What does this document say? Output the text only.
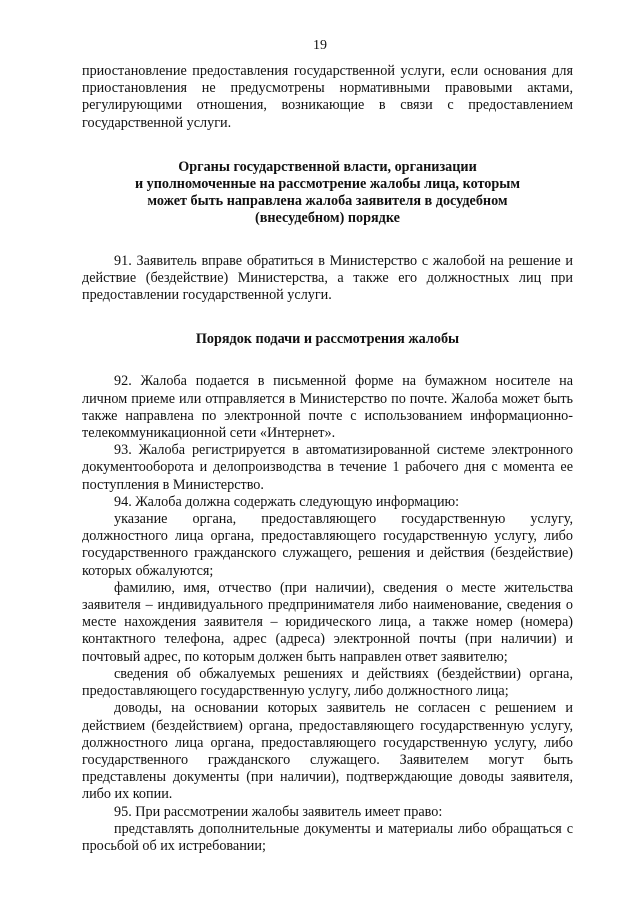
19

приостановление предоставления государственной услуги, если основания для приостановления не предусмотрены нормативными правовыми актами, регулирующими отношения, возникающие в связи с предоставлением государственной услуги.

Органы государственной власти, организации
и уполномоченные на рассмотрение жалобы лица, которым
может быть направлена жалоба заявителя в досудебном
(внесудебном) порядке

91. Заявитель вправе обратиться в Министерство с жалобой на решение и действие (бездействие) Министерства, а также его должностных лиц при предоставлении государственной услуги.

Порядок подачи и рассмотрения жалобы

92. Жалоба подается в письменной форме на бумажном носителе на личном приеме или отправляется в Министерство по почте. Жалоба может быть также направлена по электронной почте с использованием информационно-телекоммуникационной сети «Интернет».

93. Жалоба регистрируется в автоматизированной системе электронного документооборота и делопроизводства в течение 1 рабочего дня с момента ее поступления в Министерство.

94. Жалоба должна содержать следующую информацию:

указание органа, предоставляющего государственную услугу, должностного лица органа, предоставляющего государственную услугу, либо государственного гражданского служащего, решения и действия (бездействие) которых обжалуются;

фамилию, имя, отчество (при наличии), сведения о месте жительства заявителя – индивидуального предпринимателя либо наименование, сведения о месте нахождения заявителя – юридического лица, а также номер (номера) контактного телефона, адрес (адреса) электронной почты (при наличии) и почтовый адрес, по которым должен быть направлен ответ заявителю;

сведения об обжалуемых решениях и действиях (бездействии) органа, предоставляющего государственную услугу, либо должностного лица;

доводы, на основании которых заявитель не согласен с решением и действием (бездействием) органа, предоставляющего государственную услугу, должностного лица органа, предоставляющего государственную услугу, либо государственного гражданского служащего. Заявителем могут быть представлены документы (при наличии), подтверждающие доводы заявителя, либо их копии.

95. При рассмотрении жалобы заявитель имеет право:

представлять дополнительные документы и материалы либо обращаться с просьбой об их истребовании;
